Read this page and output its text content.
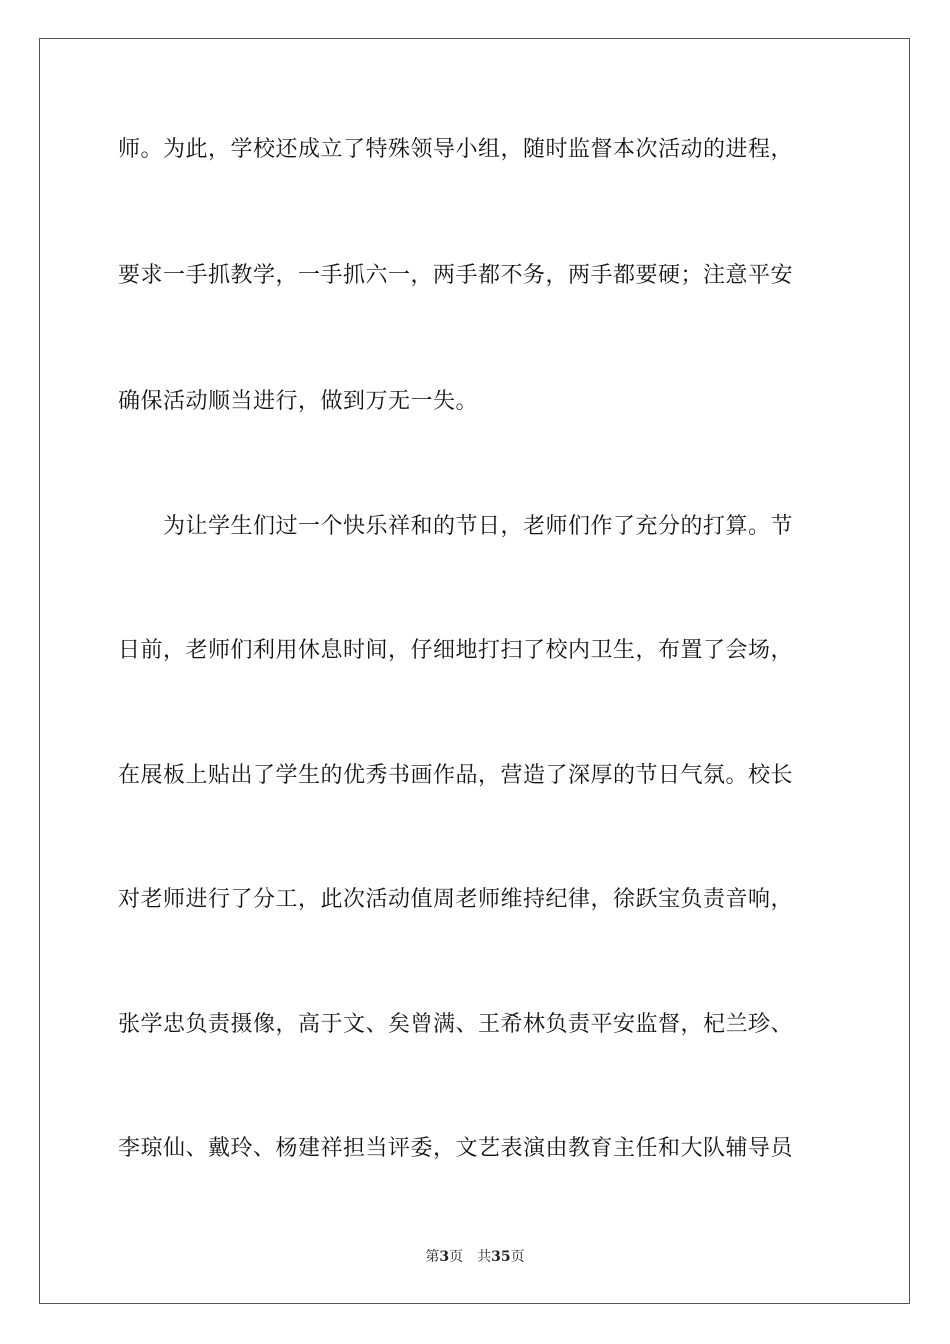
师。为此，学校还成立了特殊领导小组，随时监督本次活动的进程，
要求一手抓教学，一手抓六一，两手都不务，两手都要硬；注意平安
确保活动顺当进行，做到万无一失。
　　为让学生们过一个快乐祥和的节日，老师们作了充分的打算。节
日前，老师们利用休息时间，仔细地打扫了校内卫生，布置了会场，
在展板上贴出了学生的优秀书画作品，营造了深厚的节日气氛。校长
对老师进行了分工，此次活动值周老师维持纪律，徐跃宝负责音响，
张学忠负责摄像，高于文、矣曾满、王希林负责平安监督，杞兰珍、
李琼仙、戴玲、杨建祥担当评委，文艺表演由教育主任和大队辅导员
第3页 共35页
